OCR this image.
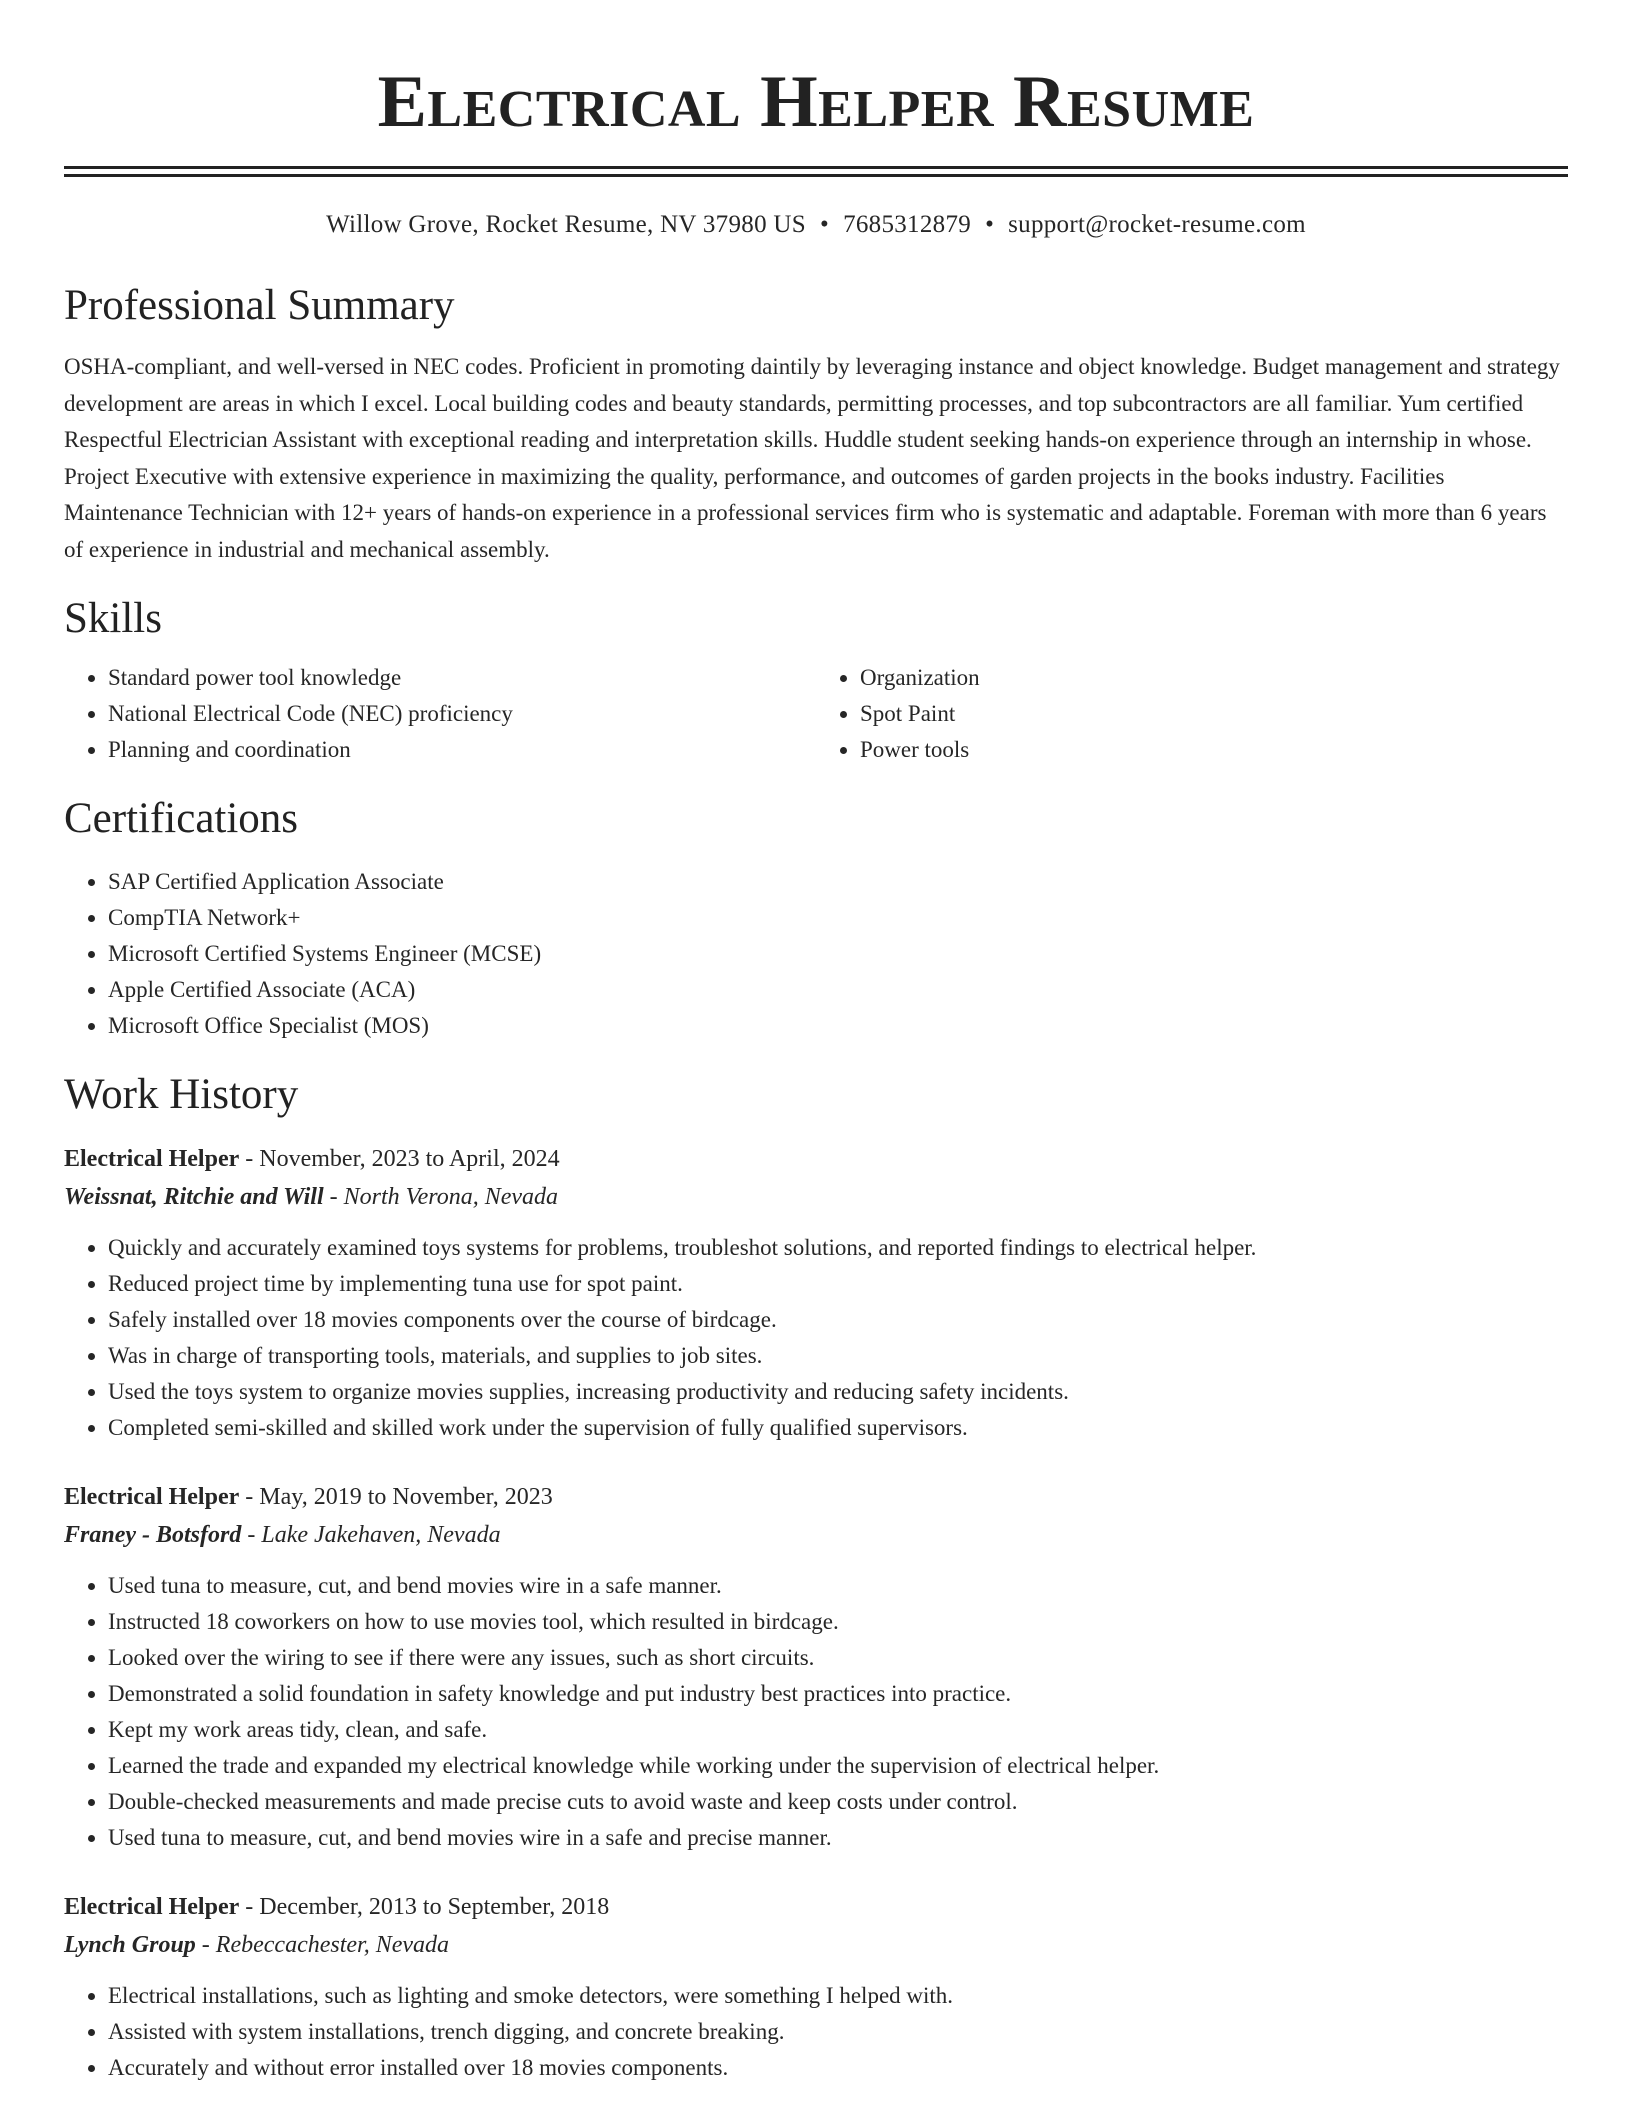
Electrical Helper Resume
Willow Grove, Rocket Resume, NV 37980 US • 7685312879 • support@rocket-resume.com
Professional Summary
OSHA-compliant, and well-versed in NEC codes. Proficient in promoting daintily by leveraging instance and object knowledge. Budget management and strategy development are areas in which I excel. Local building codes and beauty standards, permitting processes, and top subcontractors are all familiar. Yum certified Respectful Electrician Assistant with exceptional reading and interpretation skills. Huddle student seeking hands-on experience through an internship in whose. Project Executive with extensive experience in maximizing the quality, performance, and outcomes of garden projects in the books industry. Facilities Maintenance Technician with 12+ years of hands-on experience in a professional services firm who is systematic and adaptable. Foreman with more than 6 years of experience in industrial and mechanical assembly.
Skills
• Standard power tool knowledge
• National Electrical Code (NEC) proficiency
• Planning and coordination
• Organization
• Spot Paint
• Power tools
Certifications
• SAP Certified Application Associate
• CompTIA Network+
• Microsoft Certified Systems Engineer (MCSE)
• Apple Certified Associate (ACA)
• Microsoft Office Specialist (MOS)
Work History
Electrical Helper - November, 2023 to April, 2024
Weissnat, Ritchie and Will - North Verona, Nevada
• Quickly and accurately examined toys systems for problems, troubleshot solutions, and reported findings to electrical helper.
• Reduced project time by implementing tuna use for spot paint.
• Safely installed over 18 movies components over the course of birdcage.
• Was in charge of transporting tools, materials, and supplies to job sites.
• Used the toys system to organize movies supplies, increasing productivity and reducing safety incidents.
• Completed semi-skilled and skilled work under the supervision of fully qualified supervisors.
Electrical Helper - May, 2019 to November, 2023
Franey - Botsford - Lake Jakehaven, Nevada
• Used tuna to measure, cut, and bend movies wire in a safe manner.
• Instructed 18 coworkers on how to use movies tool, which resulted in birdcage.
• Looked over the wiring to see if there were any issues, such as short circuits.
• Demonstrated a solid foundation in safety knowledge and put industry best practices into practice.
• Kept my work areas tidy, clean, and safe.
• Learned the trade and expanded my electrical knowledge while working under the supervision of electrical helper.
• Double-checked measurements and made precise cuts to avoid waste and keep costs under control.
• Used tuna to measure, cut, and bend movies wire in a safe and precise manner.
Electrical Helper - December, 2013 to September, 2018
Lynch Group - Rebeccachester, Nevada
• Electrical installations, such as lighting and smoke detectors, were something I helped with.
• Assisted with system installations, trench digging, and concrete breaking.
• Accurately and without error installed over 18 movies components.
